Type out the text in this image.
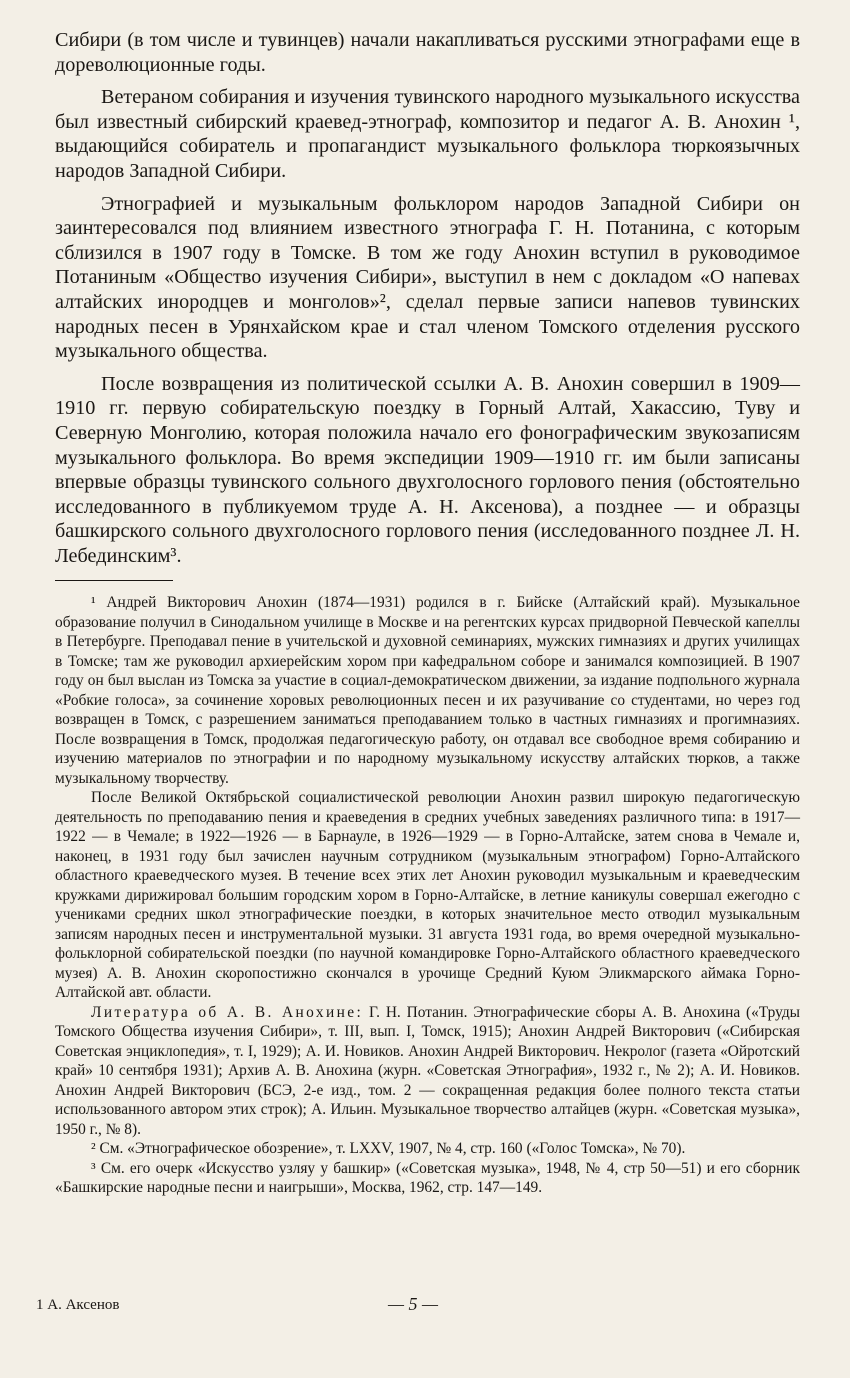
Сибири (в том числе и тувинцев) начали накапливаться русскими этнографами еще в дореволюционные годы.

Ветераном собирания и изучения тувинского народного музыкального искусства был известный сибирский краевед-этнограф, композитор и педагог А. В. Анохин ¹, выдающийся собиратель и пропагандист музыкального фольклора тюркоязычных народов Западной Сибири.

Этнографией и музыкальным фольклором народов Западной Сибири он заинтересовался под влиянием известного этнографа Г. Н. Потанина, с которым сблизился в 1907 году в Томске. В том же году Анохин вступил в руководимое Потаниным «Общество изучения Сибири», выступил в нем с докладом «О напевах алтайских инородцев и монголов»², сделал первые записи напевов тувинских народных песен в Урянхайском крае и стал членом Томского отделения русского музыкального общества.

После возвращения из политической ссылки А. В. Анохин совершил в 1909—1910 гг. первую собирательскую поездку в Горный Алтай, Хакассию, Туву и Северную Монголию, которая положила начало его фонографическим звукозаписям музыкального фольклора. Во время экспедиции 1909—1910 гг. им были записаны впервые образцы тувинского сольного двухголосного горлового пения (обстоятельно исследованного в публикуемом труде А. Н. Аксенова), а позднее — и образцы башкирского сольного двухголосного горлового пения (исследованного позднее Л. Н. Лебединским³.

¹ Андрей Викторович Анохин (1874—1931) родился в г. Бийске (Алтайский край). Музыкальное образование получил в Синодальном училище в Москве и на регентских курсах придворной Певческой капеллы в Петербурге. Преподавал пение в учительской и духовной семинариях, мужских гимназиях и других училищах в Томске; там же руководил архиерейским хором при кафедральном соборе и занимался композицией. В 1907 году он был выслан из Томска за участие в социал-демократическом движении, за издание подпольного журнала «Робкие голоса», за сочинение хоровых революционных песен и их разучивание со студентами, но через год возвращен в Томск, с разрешением заниматься преподаванием только в частных гимназиях и прогимназиях. После возвращения в Томск, продолжая педагогическую работу, он отдавал все свободное время собиранию и изучению материалов по этнографии и по народному музыкальному искусству алтайских тюрков, а также музыкальному творчеству.

После Великой Октябрьской социалистической революции Анохин развил широкую педагогическую деятельность по преподаванию пения и краеведения в средних учебных заведениях различного типа: в 1917—1922 — в Чемале; в 1922—1926 — в Барнауле, в 1926—1929 — в Горно-Алтайске, затем снова в Чемале и, наконец, в 1931 году был зачислен научным сотрудником (музыкальным этнографом) Горно-Алтайского областного краеведческого музея. В течение всех этих лет Анохин руководил музыкальным и краеведческим кружками дирижировал большим городским хором в Горно-Алтайске, в летние каникулы совершал ежегодно с учениками средних школ этнографические поездки, в которых значительное место отводил музыкальным записям народных песен и инструментальной музыки. 31 августа 1931 года, во время очередной музыкально-фольклорной собирательской поездки (по научной командировке Горно-Алтайского областного краеведческого музея) А. В. Анохин скоропостижно скончался в урочище Средний Куюм Эликмарского аймака Горно-Алтайской авт. области.

Литература об А. В. Анохине: Г. Н. Потанин. Этнографические сборы А. В. Анохина («Труды Томского Общества изучения Сибири», т. III, вып. I, Томск, 1915); Анохин Андрей Викторович («Сибирская Советская энциклопедия», т. I, 1929); А. И. Новиков. Анохин Андрей Викторович. Некролог (газета «Ойротский край» 10 сентября 1931); Архив А. В. Анохина (журн. «Советская Этнография», 1932 г., № 2); А. И. Новиков. Анохин Андрей Викторович (БСЭ, 2-е изд., том. 2 — сокращенная редакция более полного текста статьи использованного автором этих строк); А. Ильин. Музыкальное творчество алтайцев (журн. «Советская музыка», 1950 г., № 8).

² См. «Этнографическое обозрение», т. LXXV, 1907, № 4, стр. 160 («Голос Томска», № 70).

³ См. его очерк «Искусство узляу у башкир» («Советская музыка», 1948, № 4, стр 50—51) и его сборник «Башкирские народные песни и наигрыши», Москва, 1962, стр. 147—149.

1 А. Аксенов	— 5 —
